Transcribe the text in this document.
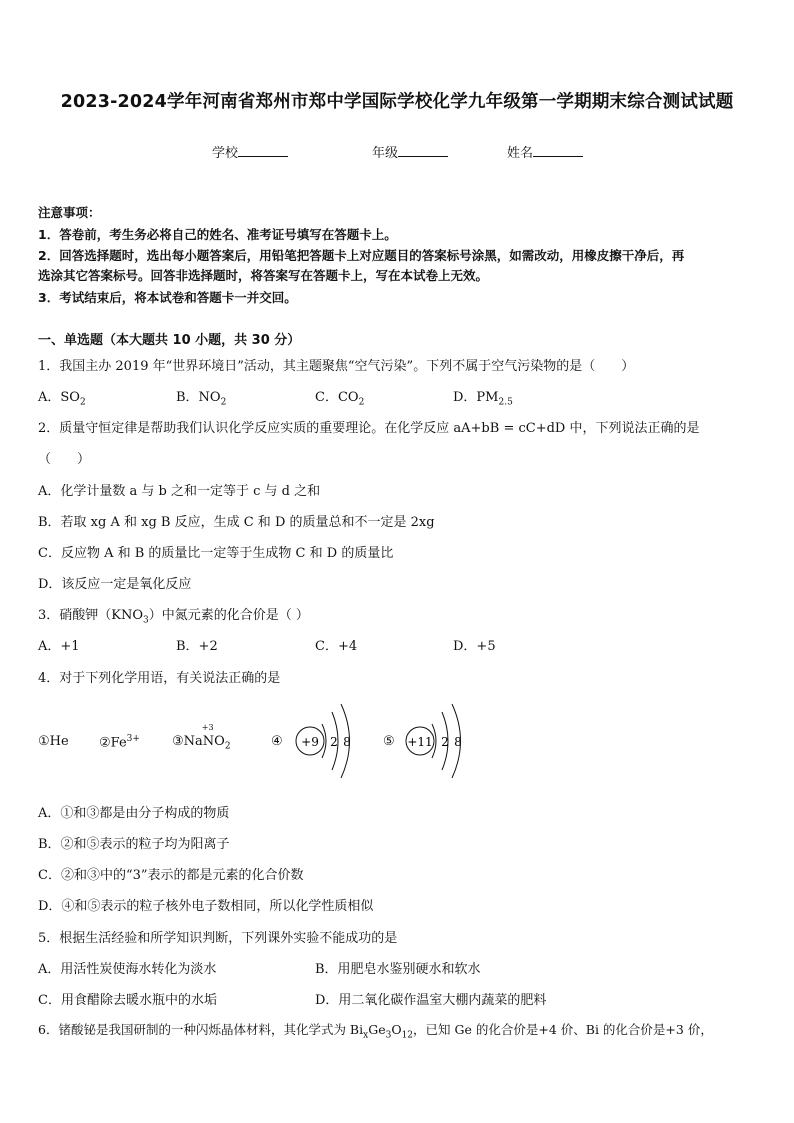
2023-2024学年河南省郑州市郑中学国际学校化学九年级第一学期期末综合测试试题
学校	年级	姓名
注意事项：
1．答卷前，考生务必将自己的姓名、准考证号填写在答题卡上。
2．回答选择题时，选出每小题答案后，用铅笔把答题卡上对应题目的答案标号涂黑，如需改动，用橡皮擦干净后，再
选涂其它答案标号。回答非选择题时，将答案写在答题卡上，写在本试卷上无效。
3．考试结束后，将本试卷和答题卡一并交回。
一、单选题（本大题共 10 小题，共 30 分）
1．我国主办 2019 年“世界环境日”活动，其主题聚焦“空气污染”。下列不属于空气污染物的是（　　）
A．$SO_2$	B．$NO_2$	C．$CO_2$	D．$PM_{2.5}$
2．质量守恒定律是帮助我们认识化学反应实质的重要理论。在化学反应 aA+bB = cC+dD 中，下列说法正确的是
（　　）
A．化学计量数 a 与 b 之和一定等于 c 与 d 之和
B．若取 xg A 和 xg B 反应，生成 C 和 D 的质量总和不一定是 2xg
C．反应物 A 和 B 的质量比一定等于生成物 C 和 D 的质量比
D．该反应一定是氧化反应
3．硝酸钾$(KNO_3)$中氮元素的化合价是（ ）
A．+1	B．+2	C．+4	D．+5
4．对于下列化学用语，有关说法正确的是
①He $②Fe^{3+}$ ③Na
+3
$NO_2$	④ +9 2 8 ⑤ +11 2 8
A．①和③都是由分子构成的物质
B．②和⑤表示的粒子均为阳离子
C．②和③中的“3”表示的都是元素的化合价数
D．④和⑤表示的粒子核外电子数相同，所以化学性质相似
5．根据生活经验和所学知识判断，下列课外实验不能成功的是
A．用活性炭使海水转化为淡水	B．用肥皂水鉴别硬水和软水
C．用食醋除去暖水瓶中的水垢	D．用二氧化碳作温室大棚内蔬菜的肥料
6．锗酸铋是我国研制的一种闪烁晶体材料，其化学式为 $Bi_xGe_3O_{12}$，已知 Ge 的化合价是+4 价、Bi 的化合价是+3 价，
